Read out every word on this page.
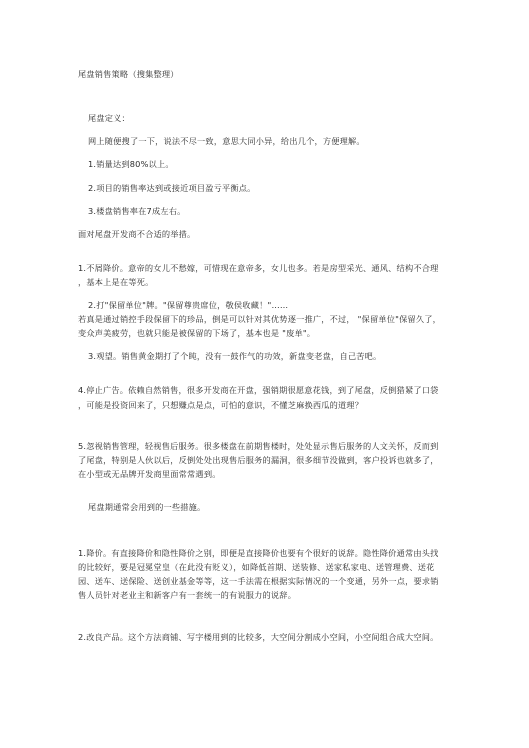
尾盘销售策略（搜集整理）
尾盘定义：
网上随便搜了一下，说法不尽一致，意思大同小异，给出几个，方便理解。
1.销量达到80%以上。
2.项目的销售率达到或接近项目盈亏平衡点。
3.楼盘销售率在7成左右。
面对尾盘开发商不合适的举措。
1.不屑降价。意帝的女儿不愁嫁，可惜现在意帝多，女儿也多。若是房型采光、通风、结构不合理
，基本上是在等死。
2.打"保留单位"牌。"保留尊贵席位，敬侯收藏！"……
若真是通过销控手段保留下的珍品，倒是可以针对其优势逐一推广，不过， "保留单位"保留久了，
变众声美疲劳，也就只能是被保留的下场了，基本也是 "废单"。
3.观望。销售黄金期打了个盹，没有一鼓作气的功效，新盘变老盘，自己苦吧。
4.停止广告。依赖自然销售，很多开发商在开盘，强销期很愿意花钱，到了尾盘，反倒猎紧了口袋
，可能是投资回来了，只想赚点是点，可怕的意识，不懂芝麻换西瓜的道理？
5.忽视销售管理，轻视售后服务。很多楼盘在前期售楼时，处处显示售后服务的人文关怀，反而到
了尾盘，特别是人伙以后，反倒处处出现售后服务的漏洞，很多细节没做到，客户投诉也就多了，
在小型或无品牌开发商里面常常遇到。
尾盘期通常会用到的一些措施。
1.降价。有直接降价和隐性降价之别，即便是直接降价也要有个很好的说辞。隐性降价通常由头找
的比较好，要是冠冕堂皇（在此没有贬义），如降低首期、送装修、送家私家电、送管理费、送花
园、送车、送保险、送创业基金等等，这一手法需在根据实际情况的一个变通，另外一点，要求销
售人员针对老业主和新客户有一套统一的有说服力的说辞。
2.改良产品。这个方法商铺、写字楼用到的比较多，大空间分割成小空间，小空间组合成大空间。
